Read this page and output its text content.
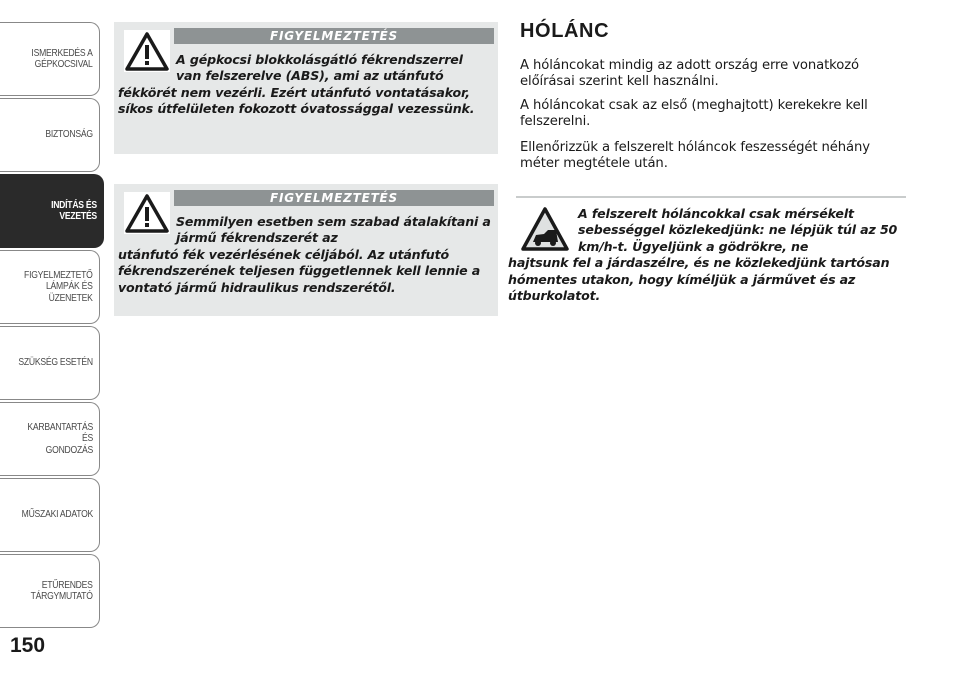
ISMERKEDÉS A
GÉPKOCSIVAL
BIZTONSÁG
INDÍTÁS ÉS
VEZETÉS
FIGYELMEZTETŐ
LÁMPÁK ÉS
ÜZENETEK
SZÜKSÉG ESETÉN
KARBANTARTÁS ÉS
GONDOZÁS
MŰSZAKI ADATOK
ETŰRENDES
TÁRGYMUTATÓ
150
FIGYELMEZTETÉS
A gépkocsi blokkolásgátló fékrendszerrel van felszerelve (ABS), ami az utánfutó
fékkörét nem vezérli. Ezért utánfutó vontatásakor, síkos útfelületen fokozott óvatossággal vezessünk.
FIGYELMEZTETÉS
Semmilyen esetben sem szabad átalakítani a jármű fékrendszerét az
utánfutó fék vezérlésének céljából. Az utánfutó fékrendszerének teljesen függetlennek kell lennie a vontató jármű hidraulikus rendszerétől.
HÓLÁNC

A hóláncokat mindig az adott ország erre vonatkozó előírásai szerint kell használni.

A hóláncokat csak az első (meghajtott) kerekekre kell felszerelni.

Ellenőrizzük a felszerelt hóláncok feszességét néhány méter megtétele után.

A felszerelt hóláncokkal csak mérsékelt sebességgel közlekedjünk: ne lépjük túl az 50 km/h-t. Ügyeljünk a gödrökre, ne
hajtsunk fel a járdaszélre, és ne közlekedjünk tartósan hómentes utakon, hogy kíméljük a járművet és az útburkolatot.
